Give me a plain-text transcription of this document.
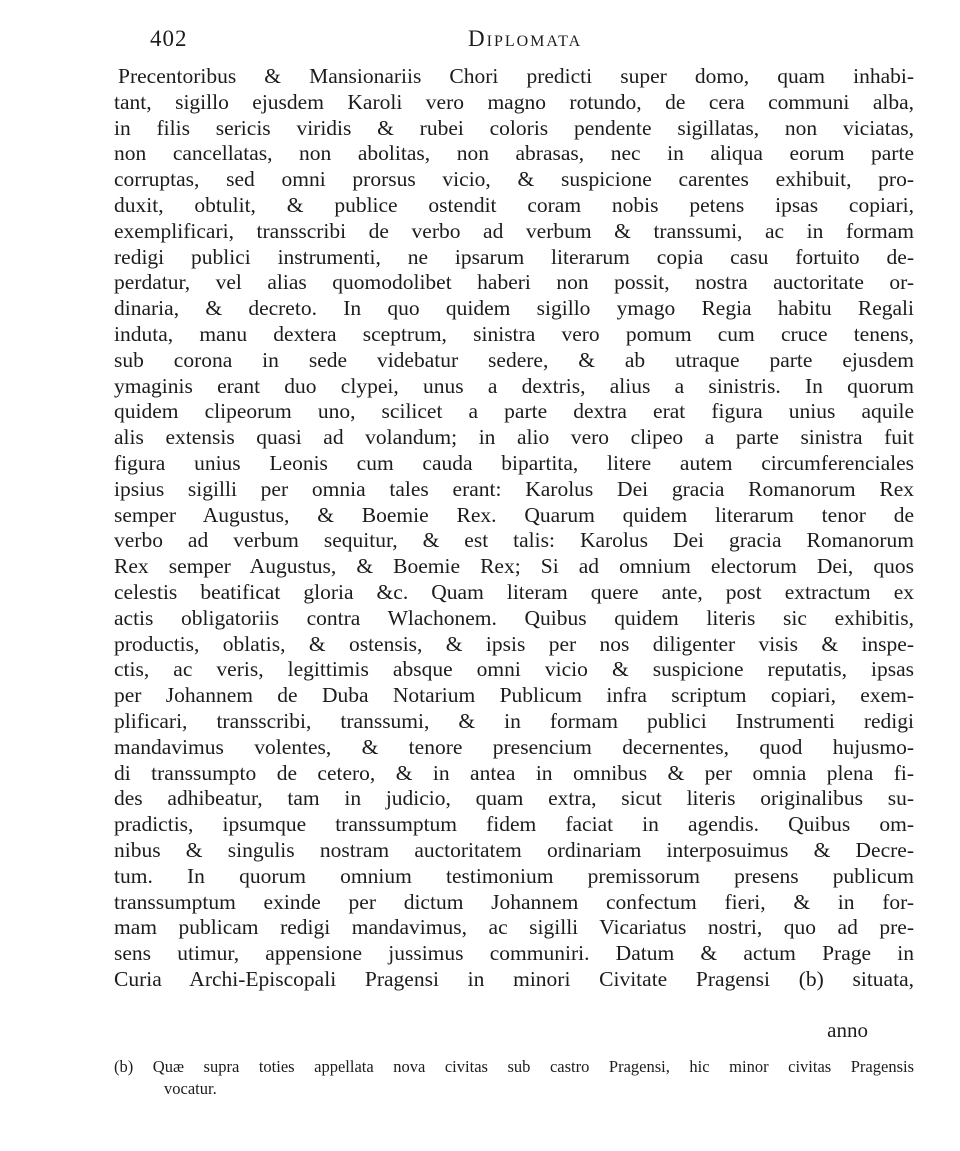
402	Diplomata
Precentoribus & Mansionariis Chori predicti super domo, quam inhabi-
tant, sigillo ejusdem Karoli vero magno rotundo, de cera communi alba,
in filis sericis viridis & rubei coloris pendente sigillatas, non viciatas,
non cancellatas, non abolitas, non abrasas, nec in aliqua eorum parte
corruptas, sed omni prorsus vicio, & suspicione carentes exhibuit, pro-
duxit, obtulit, & publice ostendit coram nobis petens ipsas copiari,
exemplificari, transscribi de verbo ad verbum & transsumi, ac in formam
redigi publici instrumenti, ne ipsarum literarum copia casu fortuito de-
perdatur, vel alias quomodolibet haberi non possit, nostra auctoritate or-
dinaria, & decreto. In quo quidem sigillo ymago Regia habitu Regali
induta, manu dextera sceptrum, sinistra vero pomum cum cruce tenens,
sub corona in sede videbatur sedere, & ab utraque parte ejusdem
ymaginis erant duo clypei, unus a dextris, alius a sinistris. In quorum
quidem clipeorum uno, scilicet a parte dextra erat figura unius aquile
alis extensis quasi ad volandum; in alio vero clipeo a parte sinistra fuit
figura unius Leonis cum cauda bipartita, litere autem circumferenciales
ipsius sigilli per omnia tales erant: Karolus Dei gracia Romanorum Rex
semper Augustus, & Boemie Rex. Quarum quidem literarum tenor de
verbo ad verbum sequitur, & est talis: Karolus Dei gracia Romanorum
Rex semper Augustus, & Boemie Rex; Si ad omnium electorum Dei, quos
celestis beatificat gloria &c. Quam literam quere ante, post extractum ex
actis obligatoriis contra Wlachonem. Quibus quidem literis sic exhibitis,
productis, oblatis, & ostensis, & ipsis per nos diligenter visis & inspe-
ctis, ac veris, legittimis absque omni vicio & suspicione reputatis, ipsas
per Johannem de Duba Notarium Publicum infra scriptum copiari, exem-
plificari, transscribi, transsumi, & in formam publici Instrumenti redigi
mandavimus volentes, & tenore presencium decernentes, quod hujusmo-
di transsumpto de cetero, & in antea in omnibus & per omnia plena fi-
des adhibeatur, tam in judicio, quam extra, sicut literis originalibus su-
pradictis, ipsumque transsumptum fidem faciat in agendis. Quibus om-
nibus & singulis nostram auctoritatem ordinariam interposuimus & Decre-
tum. In quorum omnium testimonium premissorum presens publicum
transsumptum exinde per dictum Johannem confectum fieri, & in for-
mam publicam redigi mandavimus, ac sigilli Vicariatus nostri, quo ad pre-
sens utimur, appensione jussimus communiri. Datum & actum Prage in
Curia Archi-Episcopali Pragensi in minori Civitate Pragensi (b) situata,
anno
(b) Quæ supra toties appellata nova civitas sub castro Pragensi, hic minor civitas Pragensis
vocatur.
